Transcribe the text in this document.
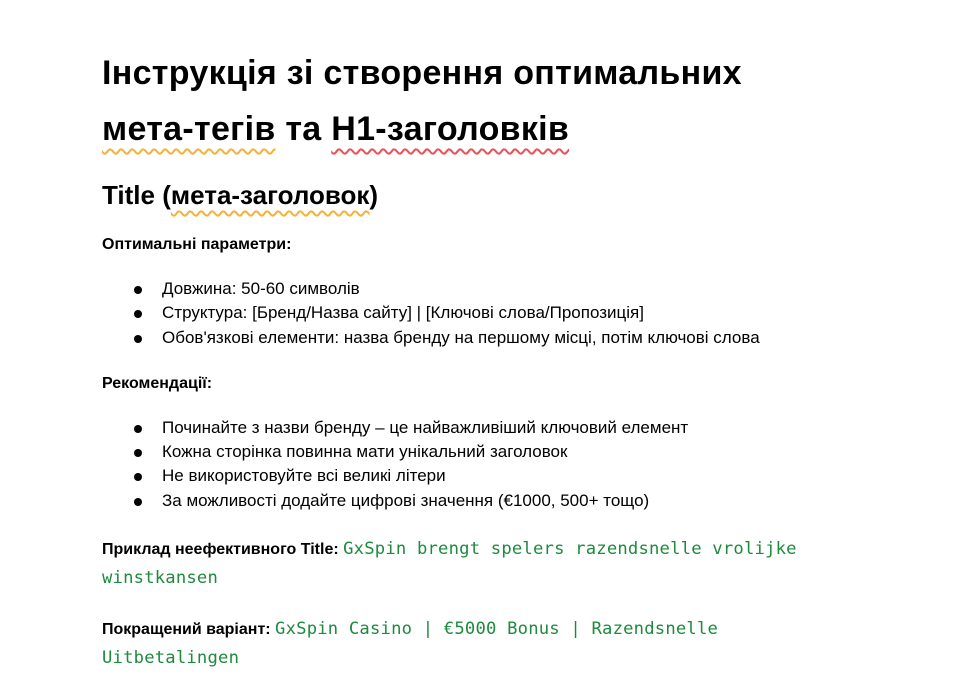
Інструкція зі створення оптимальних
мета-тегів та H1-заголовків
Title (мета-заголовок)

Оптимальні параметри:

Довжина: 50-60 символів
Структура: [Бренд/Назва сайту] | [Ключові слова/Пропозиція]
Обов'язкові елементи: назва бренду на першому місці, потім ключові слова

Рекомендації:

Починайте з назви бренду – це найважливіший ключовий елемент
Кожна сторінка повинна мати унікальний заголовок
Не використовуйте всі великі літери
За можливості додайте цифрові значення (€1000, 500+ тощо)

Приклад неефективного Title: GxSpin brengt spelers razendsnelle vrolijke winstkansen

Покращений варіант: GxSpin Casino | €5000 Bonus | Razendsnelle Uitbetalingen
